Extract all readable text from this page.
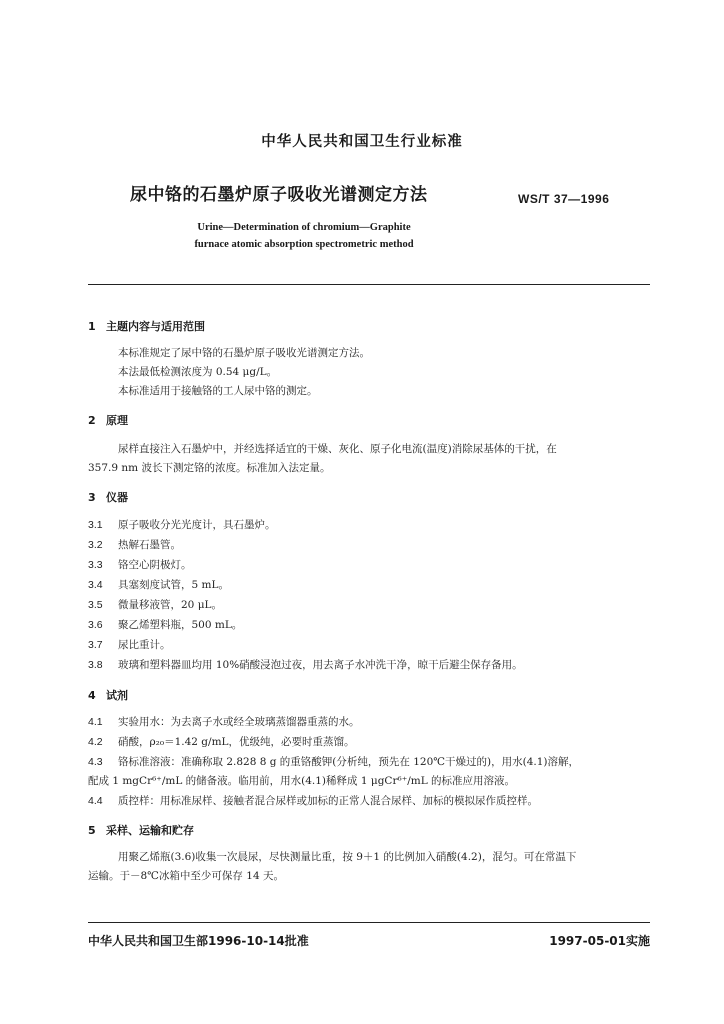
中华人民共和国卫生行业标准
尿中铬的石墨炉原子吸收光谱测定方法	WS/T 37—1996
Urine—Determination of chromium—Graphite
furnace atomic absorption spectrometric method
1 主题内容与适用范围
本标准规定了尿中铬的石墨炉原子吸收光谱测定方法。
本法最低检测浓度为 0.54 μg/L。
本标准适用于接触铬的工人尿中铬的测定。
2 原理
尿样直接注入石墨炉中，并经选择适宜的干燥、灰化、原子化电流(温度)消除尿基体的干扰，在
357.9 nm 波长下测定铬的浓度。标准加入法定量。
3 仪器
3.1 原子吸收分光光度计，具石墨炉。
3.2 热解石墨管。
3.3 铬空心阴极灯。
3.4 具塞刻度试管，5 mL。
3.5 微量移液管，20 μL。
3.6 聚乙烯塑料瓶，500 mL。
3.7 尿比重计。
3.8 玻璃和塑料器皿均用 10%硝酸浸泡过夜，用去离子水冲洗干净，晾干后避尘保存备用。
4 试剂
4.1 实验用水：为去离子水或经全玻璃蒸馏器重蒸的水。
4.2 硝酸，ρ₂₀＝1.42 g/mL，优级纯，必要时重蒸馏。
4.3 铬标准溶液：准确称取 2.828 8 g 的重铬酸钾(分析纯，预先在 120℃干燥过的)，用水(4.1)溶解，
配成 1 mgCr⁶⁺/mL 的储备液。临用前，用水(4.1)稀释成 1 μgCr⁶⁺/mL 的标准应用溶液。
4.4 质控样：用标准尿样、接触者混合尿样或加标的正常人混合尿样、加标的模拟尿作质控样。
5 采样、运输和贮存
用聚乙烯瓶(3.6)收集一次晨尿，尽快测量比重，按 9＋1 的比例加入硝酸(4.2)，混匀。可在常温下
运输。于－8℃冰箱中至少可保存 14 天。
中华人民共和国卫生部1996-10-14批准	1997-05-01实施
